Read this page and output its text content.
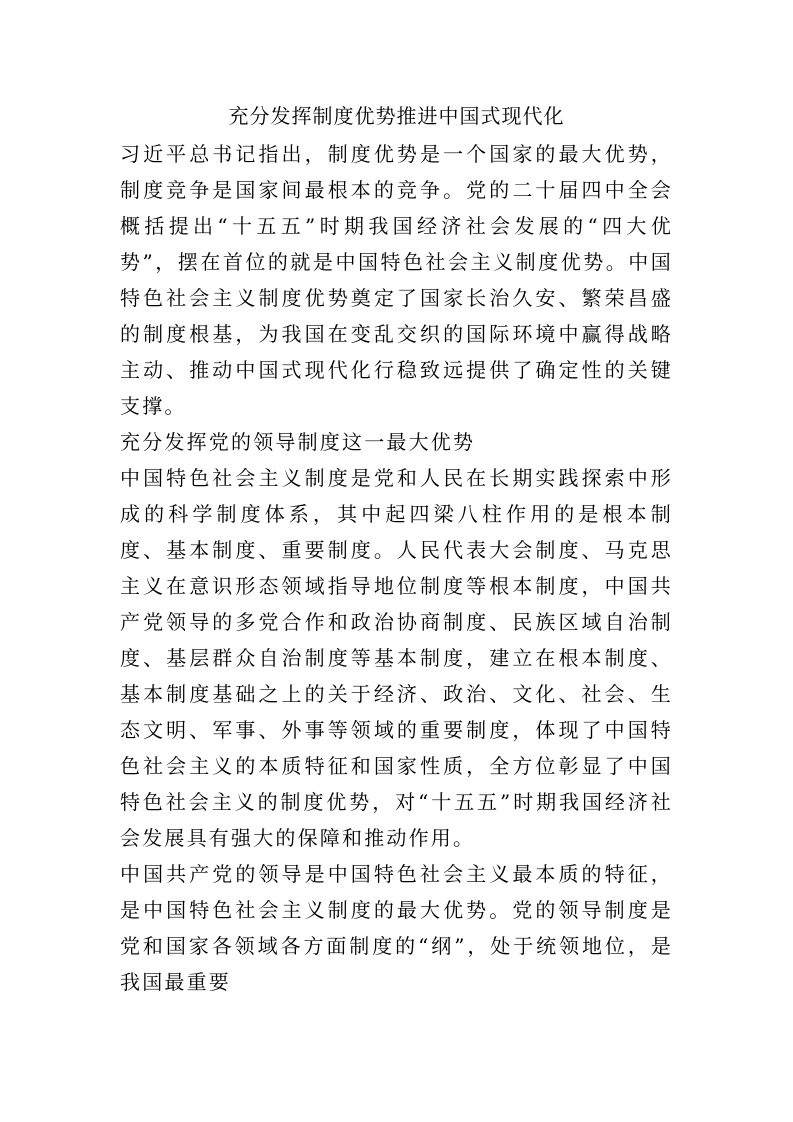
充分发挥制度优势推进中国式现代化

习近平总书记指出，制度优势是一个国家的最大优势，制度竞争是国家间最根本的竞争。党的二十届四中全会概括提出“十五五”时期我国经济社会发展的“四大优势”，摆在首位的就是中国特色社会主义制度优势。中国特色社会主义制度优势奠定了国家长治久安、繁荣昌盛的制度根基，为我国在变乱交织的国际环境中赢得战略主动、推动中国式现代化行稳致远提供了确定性的关键支撑。

充分发挥党的领导制度这一最大优势

中国特色社会主义制度是党和人民在长期实践探索中形成的科学制度体系，其中起四梁八柱作用的是根本制度、基本制度、重要制度。人民代表大会制度、马克思主义在意识形态领域指导地位制度等根本制度，中国共产党领导的多党合作和政治协商制度、民族区域自治制度、基层群众自治制度等基本制度，建立在根本制度、基本制度基础之上的关于经济、政治、文化、社会、生态文明、军事、外事等领域的重要制度，体现了中国特色社会主义的本质特征和国家性质，全方位彰显了中国特色社会主义的制度优势，对“十五五”时期我国经济社会发展具有强大的保障和推动作用。

中国共产党的领导是中国特色社会主义最本质的特征，是中国特色社会主义制度的最大优势。党的领导制度是党和国家各领域各方面制度的“纲”，处于统领地位，是我国最重要
